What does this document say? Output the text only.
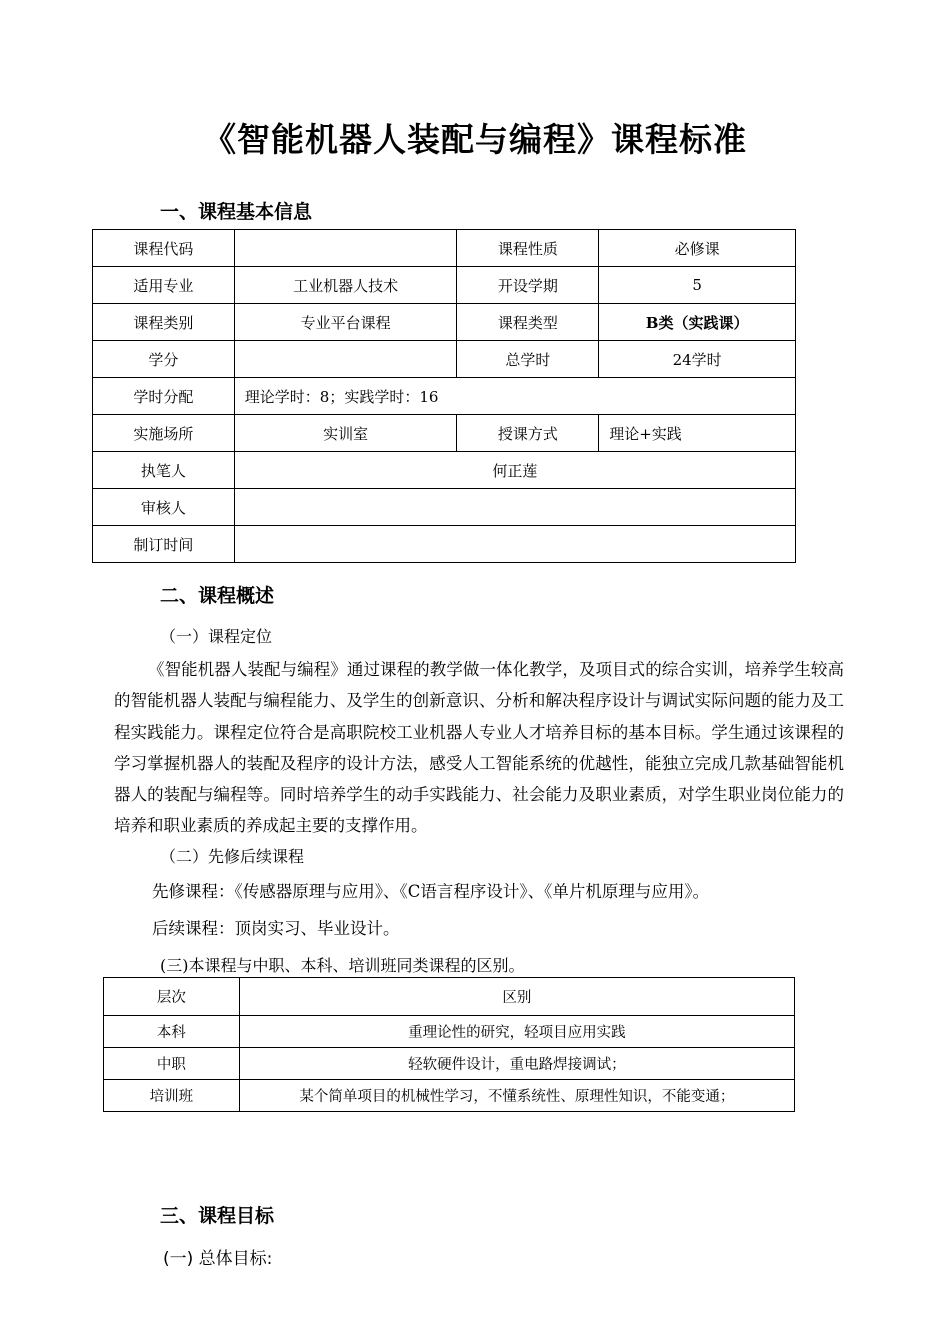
《智能机器人装配与编程》课程标准
一、课程基本信息
课程代码		课程性质	必修课
适用专业	工业机器人技术	开设学期	5
课程类别	专业平台课程	课程类型	B类（实践课）
学分		总学时	24学时
学时分配	理论学时：8；实践学时：16		
实施场所	实训室	授课方式	理论+实践
执笔人	何正莲		
审核人			
制订时间			
二、课程概述
（一）课程定位
《智能机器人装配与编程》通过课程的教学做一体化教学，及项目式的综合实训，培养学生较高的智能机器人装配与编程能力、及学生的创新意识、分析和解决程序设计与调试实际问题的能力及工程实践能力。课程定位符合是高职院校工业机器人专业人才培养目标的基本目标。学生通过该课程的学习掌握机器人的装配及程序的设计方法，感受人工智能系统的优越性，能独立完成几款基础智能机器人的装配与编程等。同时培养学生的动手实践能力、社会能力及职业素质，对学生职业岗位能力的培养和职业素质的养成起主要的支撑作用。
（二）先修后续课程
先修课程：《传感器原理与应用》、《C语言程序设计》、《单片机原理与应用》。
后续课程：顶岗实习、毕业设计。
(三)本课程与中职、本科、培训班同类课程的区别。
层次	区别
本科	重理论性的研究，轻项目应用实践
中职	轻软硬件设计，重电路焊接调试；
培训班	某个简单项目的机械性学习，不懂系统性、原理性知识，不能变通；
三、课程目标
(一) 总体目标:
